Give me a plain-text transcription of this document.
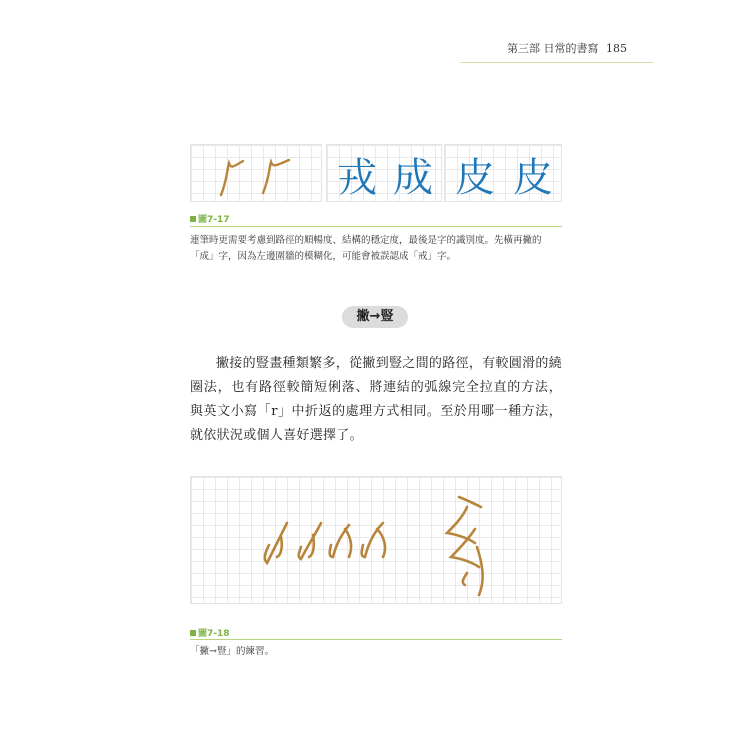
第三部 日常的書寫 185
戎 成 皮 皮
圖7-17
連筆時更需要考慮到路徑的順暢度、結構的穩定度，最後是字的識別度。先橫再撇的「成」字，因為左邊圍牆的模糊化，可能會被誤認成「戒」字。
撇→豎

撇接的豎畫種類繁多，從撇到豎之間的路徑，有較圓滑的繞圈法，也有路徑較簡短俐落、將連結的弧線完全拉直的方法，與英文小寫「r」中折返的處理方式相同。至於用哪一種方法，就依狀況或個人喜好選擇了。

圖7-18
「撇→豎」的練習。
